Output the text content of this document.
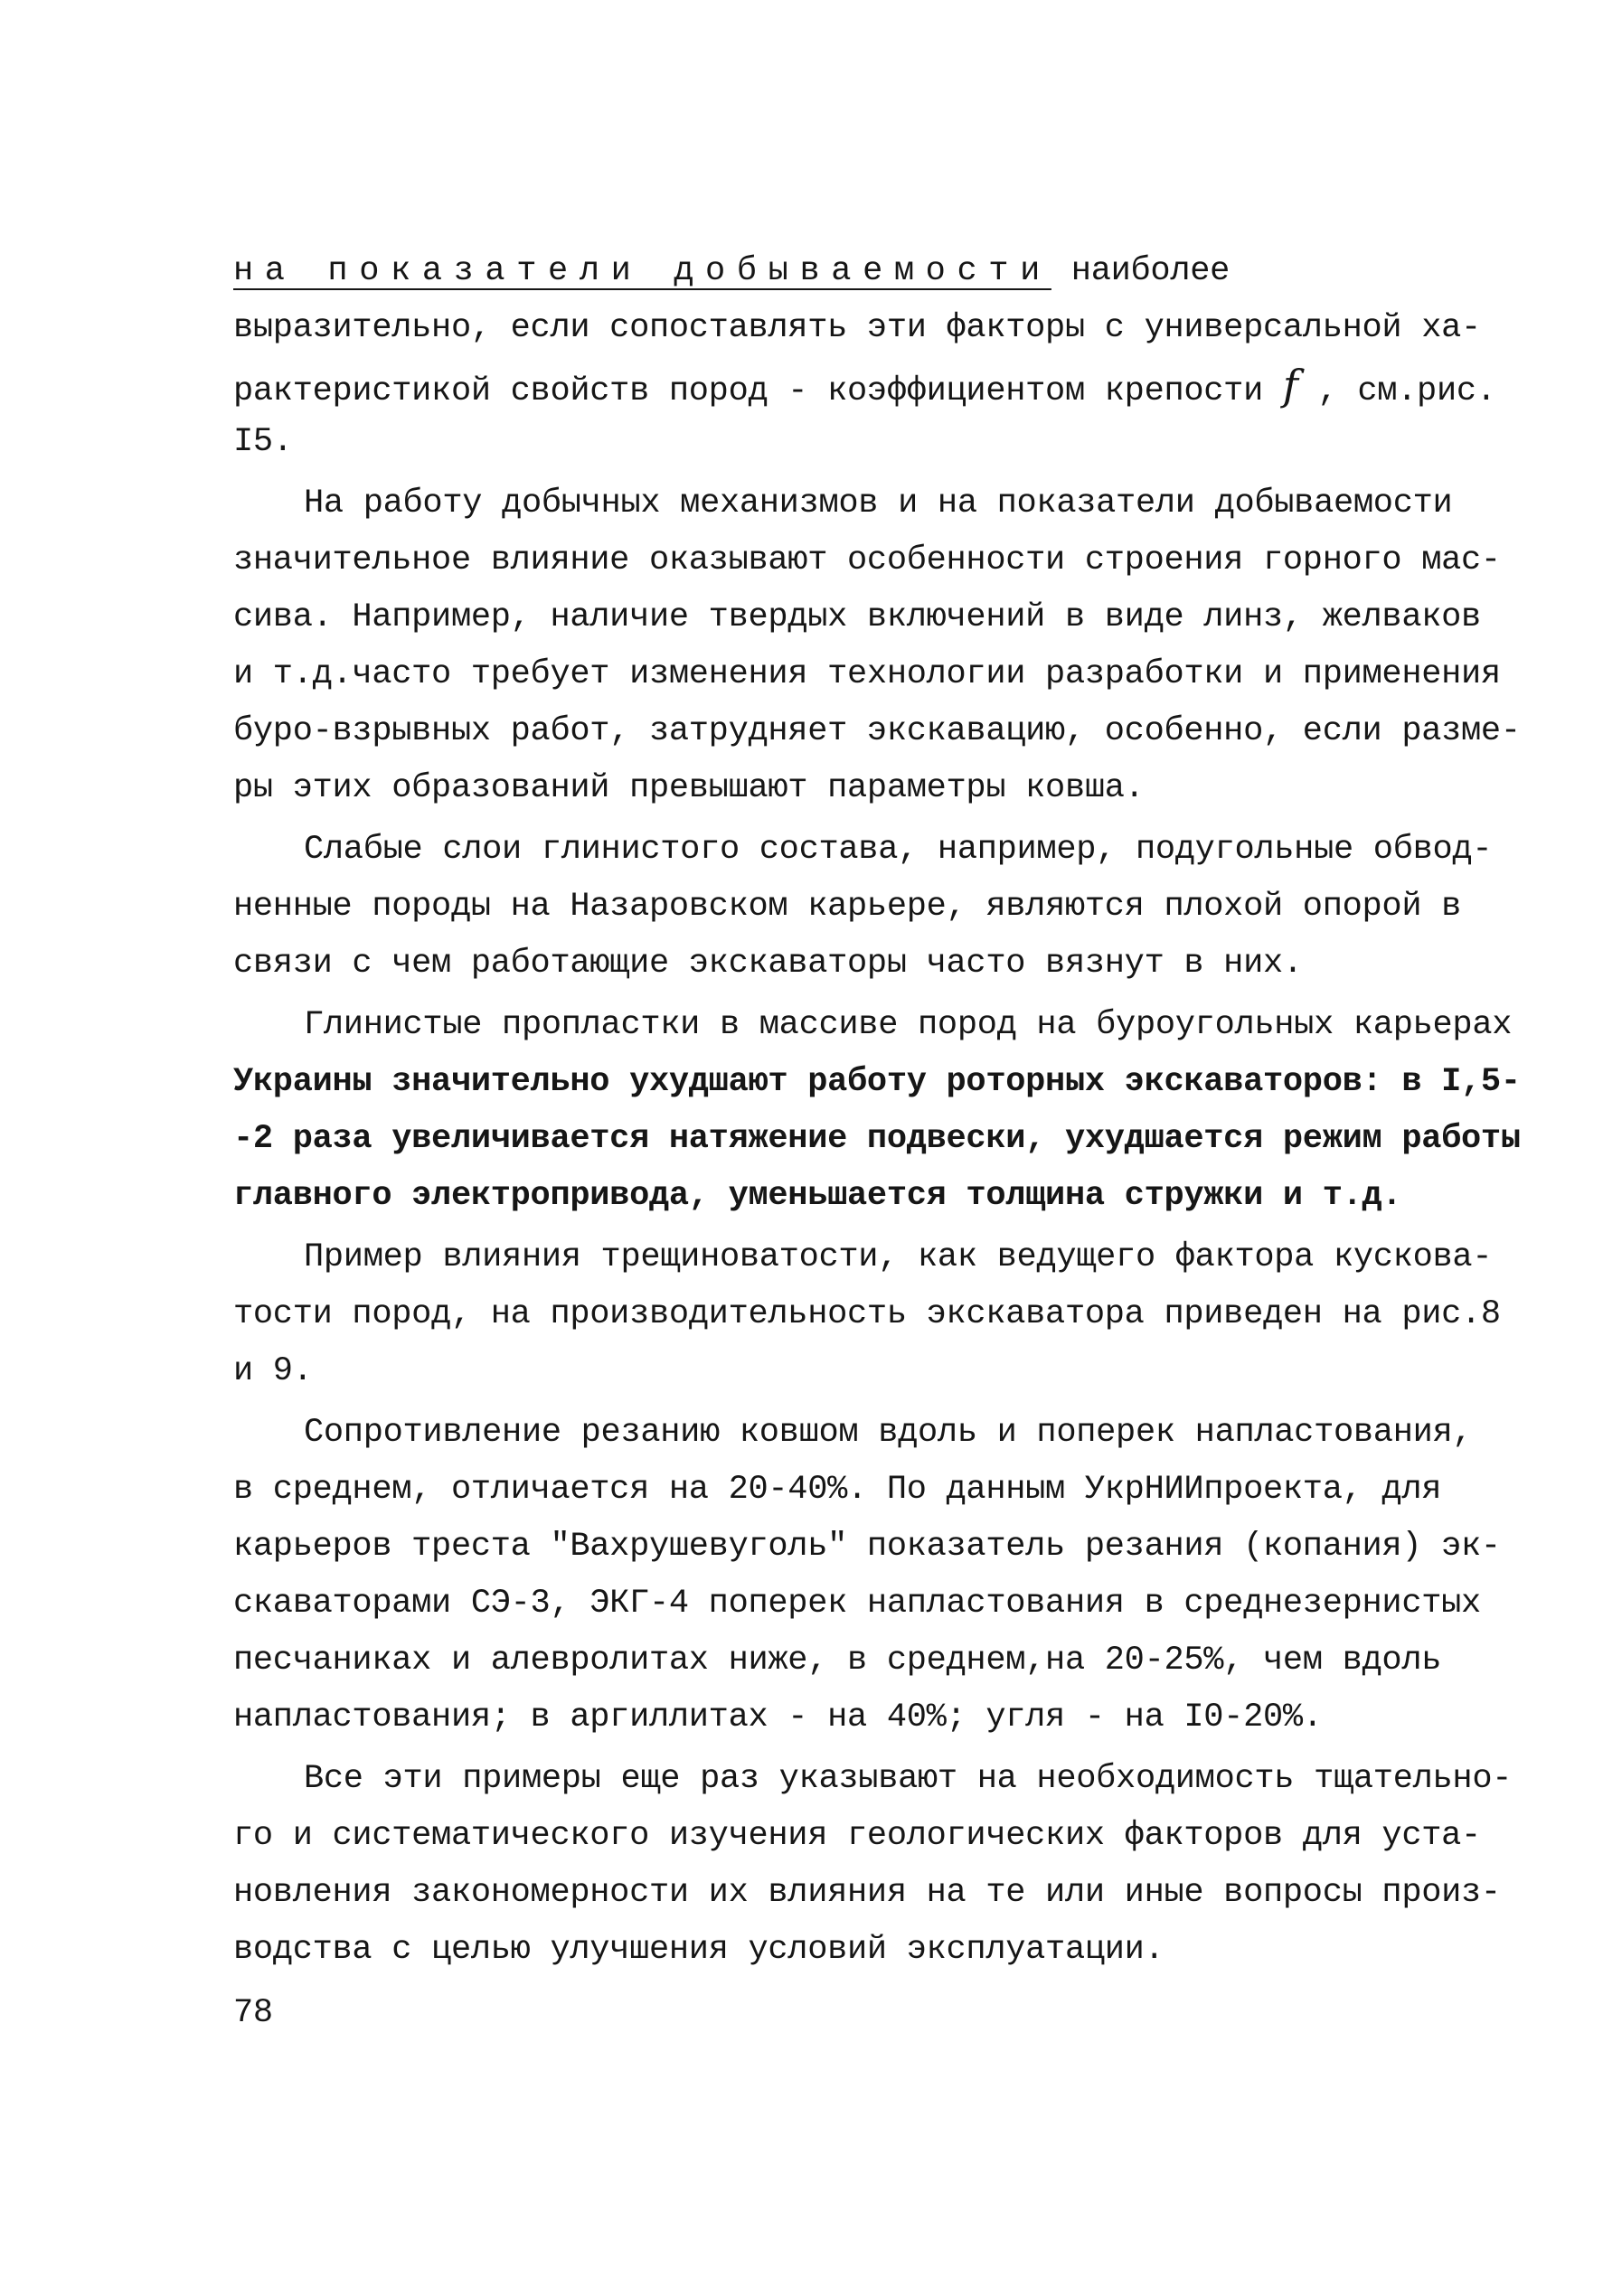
на показатели добываемости наиболее
выразительно, если сопоставлять эти факторы с универсальной ха-
рактеристикой свойств пород - коэффициентом крепости f , см.рис.
I5.
На работу добычных механизмов и на показатели добываемости
значительное влияние оказывают особенности строения горного мас-
сива. Например, наличие твердых включений в виде линз, желваков
и т.д.часто требует изменения технологии разработки и применения
буро-взрывных работ, затрудняет экскавацию, особенно, если разме-
ры этих образований превышают параметры ковша.
Слабые слои глинистого состава, например, подугольные обвод-
ненные породы на Назаровском карьере, являются плохой опорой в
связи с чем работающие экскаваторы часто вязнут в них.
Глинистые пропластки в массиве пород на буроугольных карьерах
Украины значительно ухудшают работу роторных экскаваторов: в I,5-
-2 раза увеличивается натяжение подвески, ухудшается режим работы
главного электропривода, уменьшается толщина стружки и т.д.
Пример влияния трещиноватости, как ведущего фактора кускова-
тости пород, на производительность экскаватора приведен на рис.8
и 9.
Сопротивление резанию ковшом вдоль и поперек напластования,
в среднем, отличается на 20-40%. По данным УкрНИИпроекта, для
карьеров треста "Вахрушевуголь" показатель резания (копания) эк-
скаваторами СЭ-3, ЭКГ-4 поперек напластования в среднезернистых
песчаниках и алевролитах ниже, в среднем,на 20-25%, чем вдоль
напластования; в аргиллитах - на 40%; угля - на I0-20%.
Все эти примеры еще раз указывают на необходимость тщательно-
го и систематического изучения геологических факторов для уста-
новления закономерности их влияния на те или иные вопросы произ-
водства с целью улучшения условий эксплуатации.
78
